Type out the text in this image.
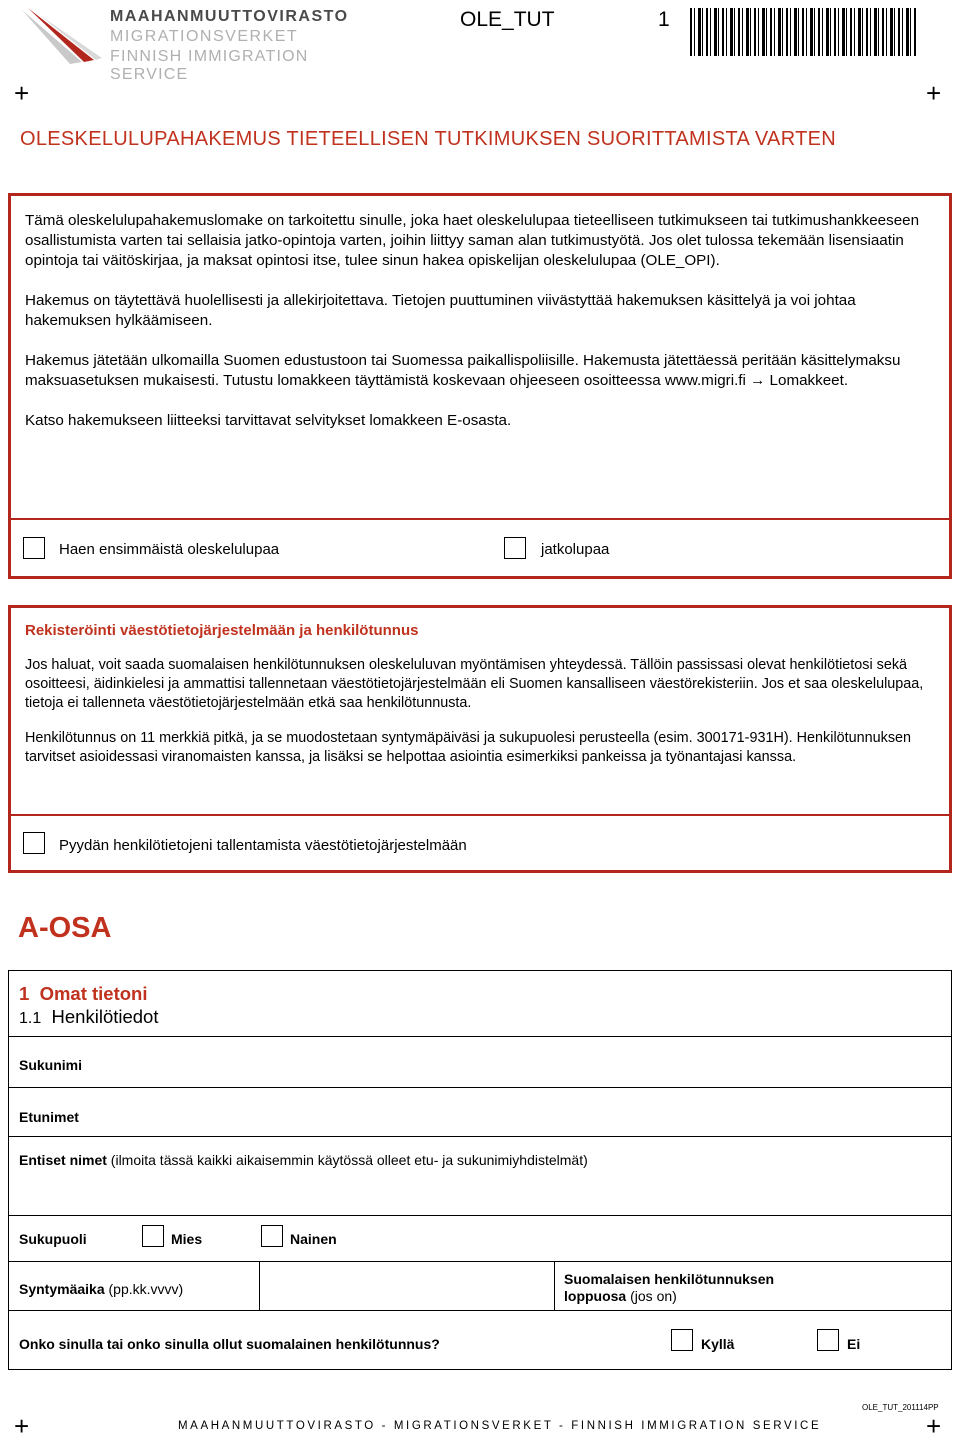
MAAHANMUUTTOVIRASTO
MIGRATIONSVERKET
FINNISH IMMIGRATION SERVICE
OLE_TUT	1
+	+
OLESKELULUPAHAKEMUS TIETEELLISEN TUTKIMUKSEN SUORITTAMISTA VARTEN

Tämä oleskelulupahakemuslomake on tarkoitettu sinulle, joka haet oleskelulupaa tieteelliseen tutkimukseen tai tutkimushankkeeseen osallistumista varten tai sellaisia jatko-opintoja varten, joihin liittyy saman alan tutkimustyötä. Jos olet tulossa tekemään lisensiaatin opintoja tai väitöskirjaa, ja maksat opintosi itse, tulee sinun hakea opiskelijan oleskelulupaa (OLE_OPI).

Hakemus on täytettävä huolellisesti ja allekirjoitettava. Tietojen puuttuminen viivästyttää hakemuksen käsittelyä ja voi johtaa hakemuksen hylkäämiseen.

Hakemus jätetään ulkomailla Suomen edustustoon tai Suomessa paikallispoliisille. Hakemusta jätettäessä peritään käsittelymaksu maksuasetuksen mukaisesti. Tutustu lomakkeen täyttämistä koskevaan ohjeeseen osoitteessa www.migri.fi → Lomakkeet.

Katso hakemukseen liitteeksi tarvittavat selvitykset lomakkeen E-osasta.

Haen ensimmäistä oleskelulupaa	jatkolupaa
Rekisteröinti väestötietojärjestelmään ja henkilötunnus

Jos haluat, voit saada suomalaisen henkilötunnuksen oleskeluluvan myöntämisen yhteydessä. Tällöin passissasi olevat henkilötietosi sekä osoitteesi, äidinkielesi ja ammattisi tallennetaan väestötietojärjestelmään eli Suomen kansalliseen väestörekisteriin. Jos et saa oleskelulupaa, tietoja ei tallenneta väestötietojärjestelmään etkä saa henkilötunnusta.

Henkilötunnus on 11 merkkiä pitkä, ja se muodostetaan syntymäpäiväsi ja sukupuolesi perusteella (esim. 300171-931H). Henkilötunnuksen tarvitset asioidessasi viranomaisten kanssa, ja lisäksi se helpottaa asiointia esimerkiksi pankeissa ja työnantajasi kanssa.

Pyydän henkilötietojeni tallentamista väestötietojärjestelmään
A-OSA
1 Omat tietoni
1.1 Henkilötiedot
Sukunimi
Etunimet
Entiset nimet (ilmoita tässä kaikki aikaisemmin käytössä olleet etu- ja sukunimiyhdistelmät)
Sukupuoli	Mies	Nainen
Syntymäaika (pp.kk.vvvv)
Suomalaisen henkilötunnuksen
loppuosa (jos on)
Onko sinulla tai onko sinulla ollut suomalainen henkilötunnus?	Kyllä	Ei
OLE_TUT_201114PP
+	+
MAAHANMUUTTOVIRASTO - MIGRATIONSVERKET - FINNISH IMMIGRATION SERVICE
